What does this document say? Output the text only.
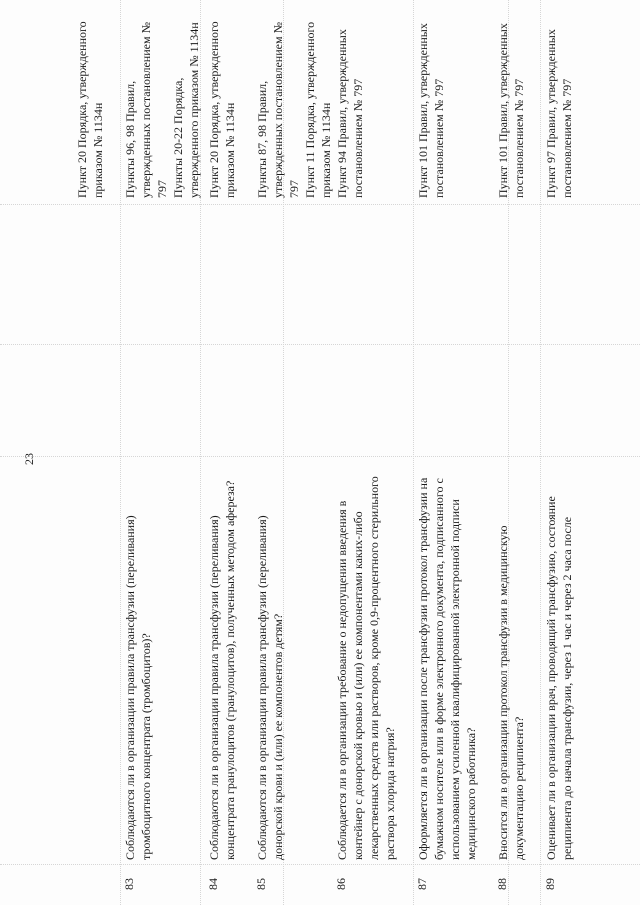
23
83
Соблюдаются ли в организации правила трансфузии (переливания) тромбоцитного концентрата (тромбоцитов)?
Пункт 20 Порядка, утвержденного приказом № 1134н Пункты 96, 98 Правил, утвержденных постановлением № 797 Пункты 20-22 Порядка, утвержденного приказом № 1134н
84
Соблюдаются ли в организации правила трансфузии (переливания) концентрата гранулоцитов (гранулоцитов), полученных методом афереза?
Пункт 20 Порядка, утвержденного приказом № 1134н
85
Соблюдаются ли в организации правила трансфузии (переливания) донорской крови и (или) ее компонентов детям?
Пункты 87, 98 Правил, утвержденных постановлением № 797 Пункт 11 Порядка, утвержденного приказом № 1134н
86
Соблюдается ли в организации требование о недопущении введения в контейнер с донорской кровью и (или) ее компонентами каких-либо лекарственных средств или растворов, кроме 0,9-процентного стерильного раствора хлорида натрия?
Пункт 94 Правил, утвержденных постановлением № 797
87
Оформляется ли в организации после трансфузии протокол трансфузии на бумажном носителе или в форме электронного документа, подписанного с использованием усиленной квалифицированной электронной подписи медицинского работника?
Пункт 101 Правил, утвержденных постановлением № 797
88
Вносится ли в организации протокол трансфузии в медицинскую документацию реципиента?
Пункт 101 Правил, утвержденных постановлением № 797
89
Оценивает ли в организации врач, проводящий трансфузию, состояние реципиента до начала трансфузии, через 1 час и через 2 часа после
Пункт 97 Правил, утвержденных постановлением № 797
